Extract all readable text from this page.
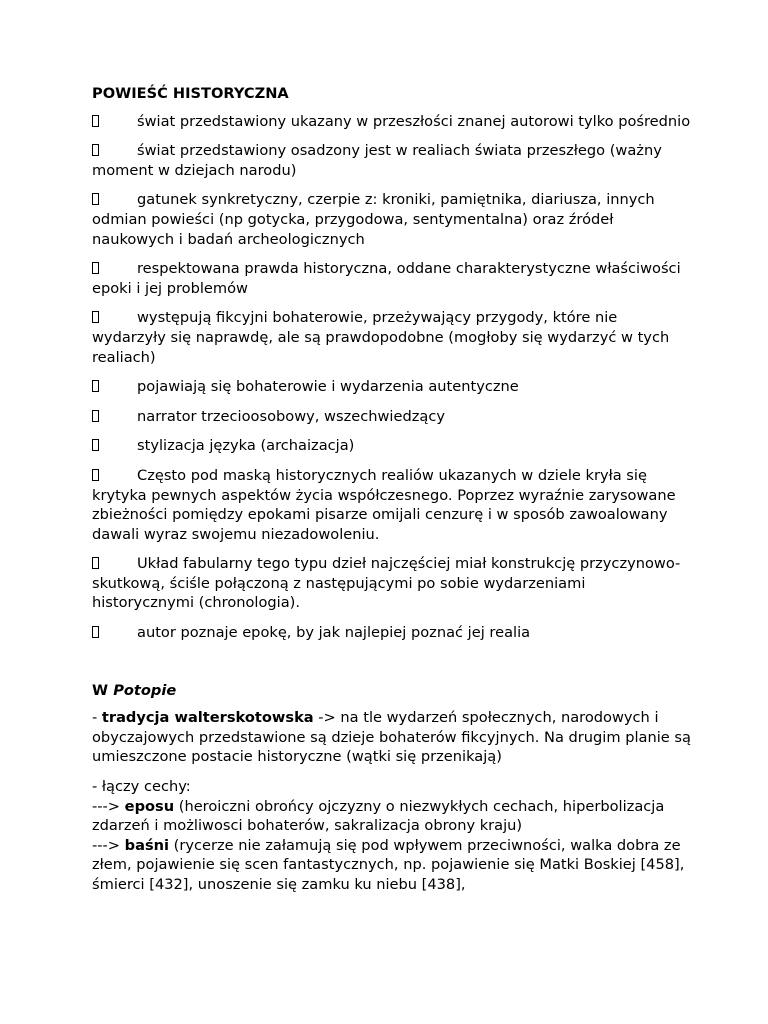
POWIEŚĆ HISTORYCZNA
świat przedstawiony ukazany w przeszłości znanej autorowi tylko pośrednio
świat przedstawiony osadzony jest w realiach świata przeszłego (ważny moment w dziejach narodu)
gatunek synkretyczny, czerpie z: kroniki, pamiętnika, diariusza, innych odmian powieści (np gotycka, przygodowa, sentymentalna) oraz źródeł naukowych i badań archeologicznych
respektowana prawda historyczna, oddane charakterystyczne właściwości epoki i jej problemów
występują fikcyjni bohaterowie, przeżywający przygody, które nie wydarzyły się naprawdę, ale są prawdopodobne (mogłoby się wydarzyć w tych realiach)
pojawiają się bohaterowie i wydarzenia autentyczne
narrator trzecioosobowy, wszechwiedzący
stylizacja języka (archaizacja)
Często pod maską historycznych realiów ukazanych w dziele kryła się krytyka pewnych aspektów życia współczesnego. Poprzez wyraźnie zarysowane zbieżności pomiędzy epokami pisarze omijali cenzurę i w sposób zawoalowany dawali wyraz swojemu niezadowoleniu.
Układ fabularny tego typu dzieł najczęściej miał konstrukcję przyczynowo-skutkową, ściśle połączoną z następującymi po sobie wydarzeniami historycznymi (chronologia).
autor poznaje epokę, by jak najlepiej poznać jej realia
W Potopie
- tradycja walterskotowska -> na tle wydarzeń społecznych, narodowych i obyczajowych przedstawione są dzieje bohaterów fikcyjnych. Na drugim planie są umieszczone postacie historyczne (wątki się przenikają)
- łączy cechy:
---> eposu (heroiczni obrońcy ojczyzny o niezwykłych cechach, hiperbolizacja zdarzeń i możliwosci bohaterów, sakralizacja obrony kraju)
---> baśni (rycerze nie załamują się pod wpływem przeciwności, walka dobra ze złem, pojawienie się scen fantastycznych, np. pojawienie się Matki Boskiej [458], śmierci [432], unoszenie się zamku ku niebu [438],
